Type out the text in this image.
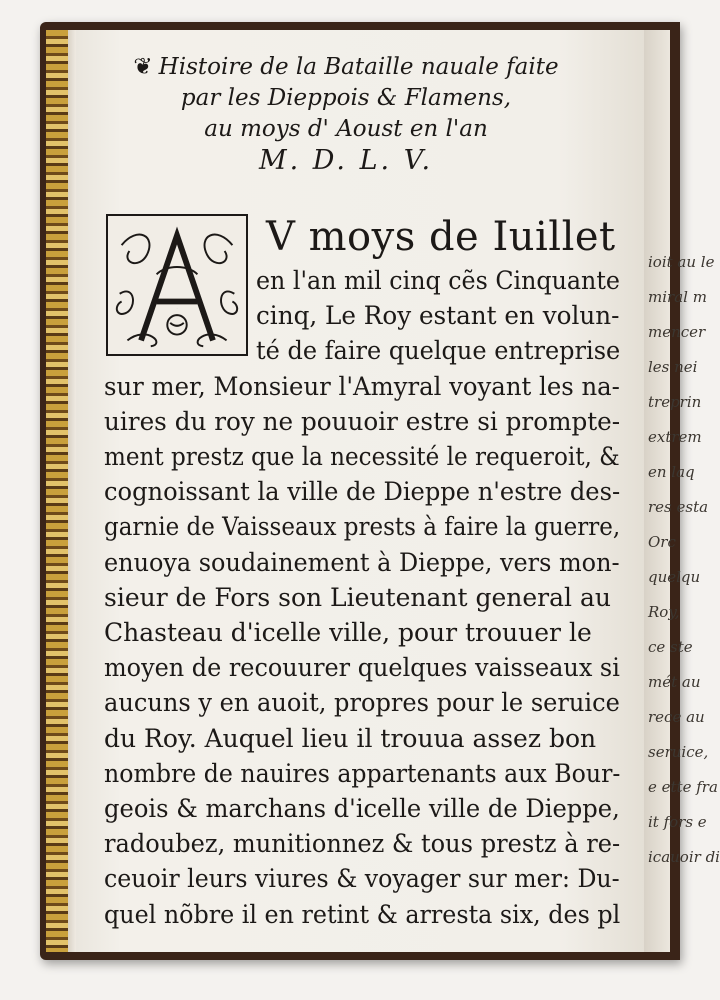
ioit au le
miral m
mencer
les nei
treprin
extrem
en laq
res esta
Orc
quelqu
Roy,
ce ste
mét au
rece au
seruice,
e ette fra
it fors e
icauoir di
❦ Histoire de la Bataille nauale faite
par les Dieppois & Flamens,
au moys d' Aoust en l'an
M. D. L. V.
A
V moys de Iuillet
en l'an mil cinq cẽs Cinquante
cinq, Le Roy estant en volun-
té de faire quelque entreprise
sur mer, Monsieur l'Amyral voyant les na-
uires du roy ne pouuoir estre si prompte-
ment prestz que la necessité le requeroit, &
cognoissant la ville de Dieppe n'estre des-
garnie de Vaisseaux prests à faire la guerre,
enuoya soudainement à Dieppe, vers mon-
sieur de Fors son Lieutenant general au
Chasteau d'icelle ville, pour trouuer le
moyen de recouurer quelques vaisseaux si
aucuns y en auoit, propres pour le seruice
du Roy. Auquel lieu il trouua assez bon
nombre de nauires appartenants aux Bour-
geois & marchans d'icelle ville de Dieppe,
radoubez, munitionnez & tous prestz à re-
ceuoir leurs viures & voyager sur mer: Du-
quel nõbre il en retint & arresta six, des pl
